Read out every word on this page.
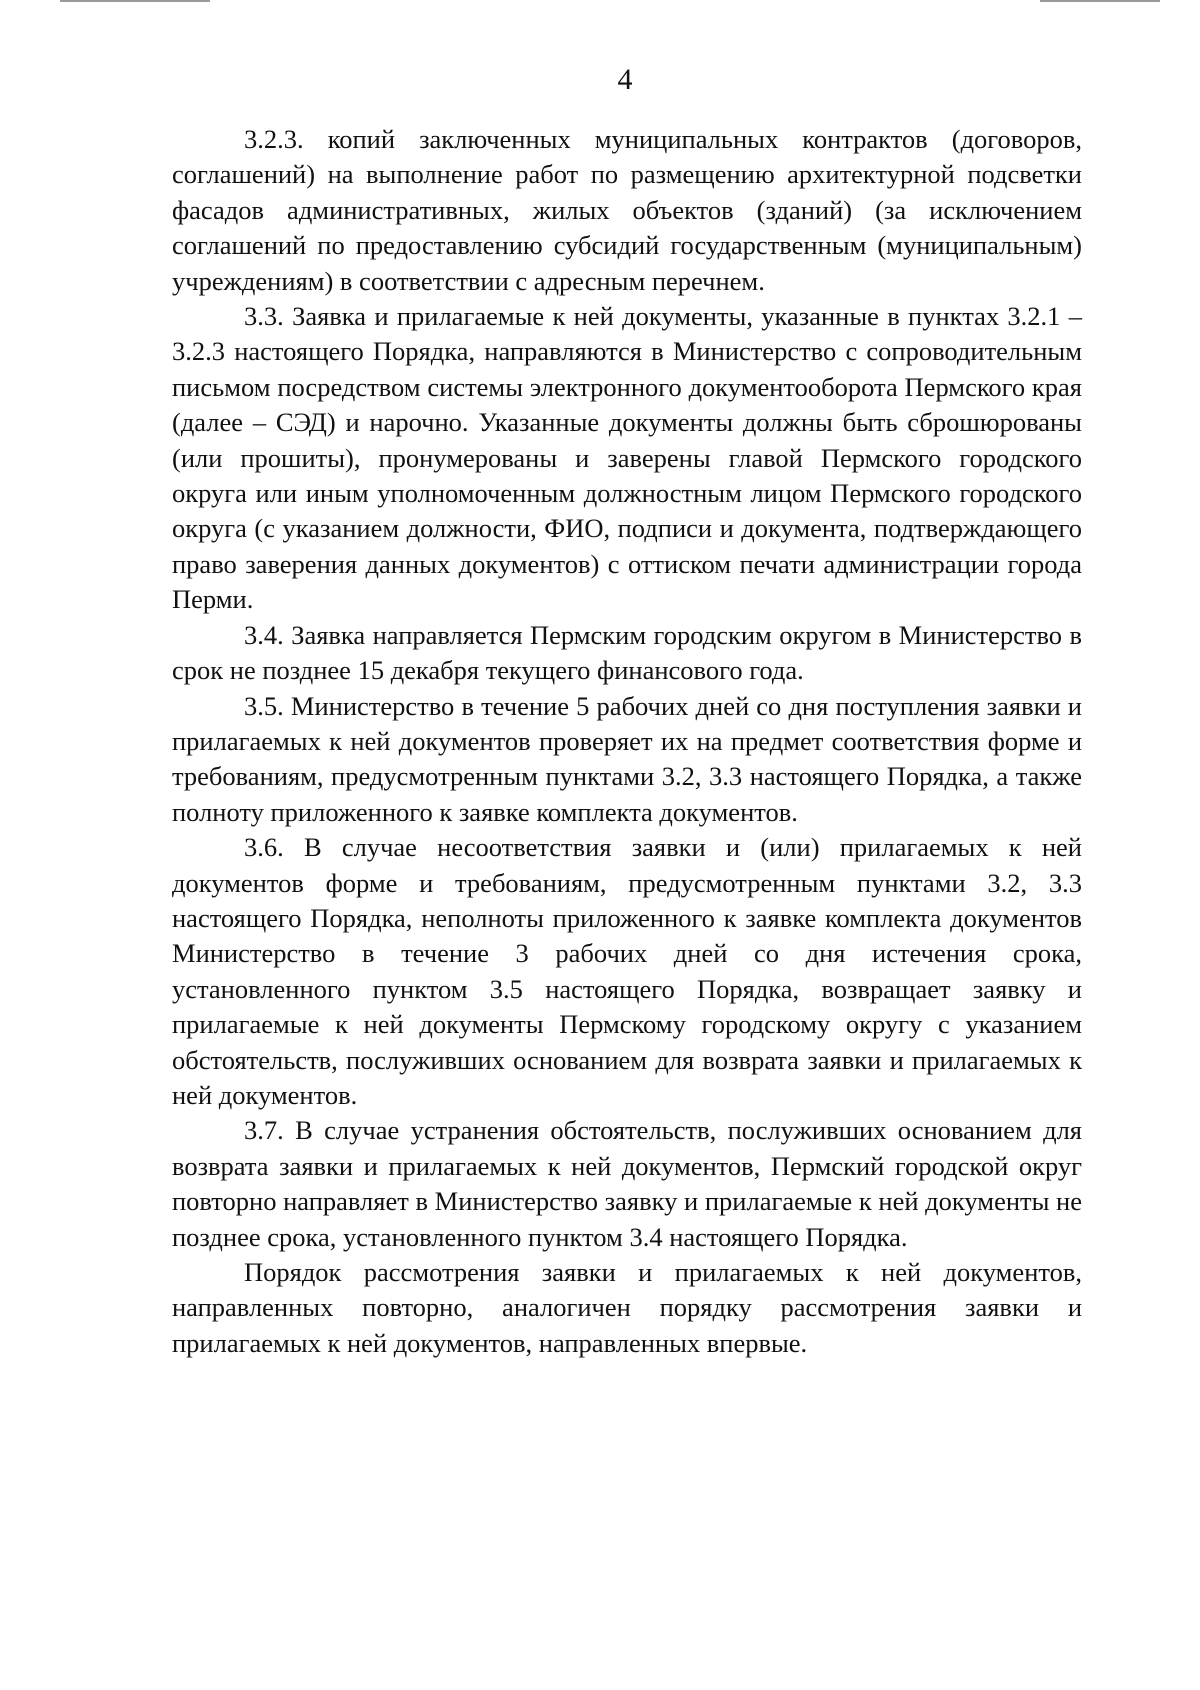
4

3.2.3. копий заключенных муниципальных контрактов (договоров, соглашений) на выполнение работ по размещению архитектурной подсветки фасадов административных, жилых объектов (зданий) (за исключением соглашений по предоставлению субсидий государственным (муниципальным) учреждениям) в соответствии с адресным перечнем.

3.3. Заявка и прилагаемые к ней документы, указанные в пунктах 3.2.1 – 3.2.3 настоящего Порядка, направляются в Министерство с сопроводительным письмом посредством системы электронного документооборота Пермского края (далее – СЭД) и нарочно. Указанные документы должны быть сброшюрованы (или прошиты), пронумерованы и заверены главой Пермского городского округа или иным уполномоченным должностным лицом Пермского городского округа (с указанием должности, ФИО, подписи и документа, подтверждающего право заверения данных документов) с оттиском печати администрации города Перми.

3.4. Заявка направляется Пермским городским округом в Министерство в срок не позднее 15 декабря текущего финансового года.

3.5. Министерство в течение 5 рабочих дней со дня поступления заявки и прилагаемых к ней документов проверяет их на предмет соответствия форме и требованиям, предусмотренным пунктами 3.2, 3.3 настоящего Порядка, а также полноту приложенного к заявке комплекта документов.

3.6. В случае несоответствия заявки и (или) прилагаемых к ней документов форме и требованиям, предусмотренным пунктами 3.2, 3.3 настоящего Порядка, неполноты приложенного к заявке комплекта документов Министерство в течение 3 рабочих дней со дня истечения срока, установленного пунктом 3.5 настоящего Порядка, возвращает заявку и прилагаемые к ней документы Пермскому городскому округу с указанием обстоятельств, послуживших основанием для возврата заявки и прилагаемых к ней документов.

3.7. В случае устранения обстоятельств, послуживших основанием для возврата заявки и прилагаемых к ней документов, Пермский городской округ повторно направляет в Министерство заявку и прилагаемые к ней документы не позднее срока, установленного пунктом 3.4 настоящего Порядка.

Порядок рассмотрения заявки и прилагаемых к ней документов, направленных повторно, аналогичен порядку рассмотрения заявки и прилагаемых к ней документов, направленных впервые.
